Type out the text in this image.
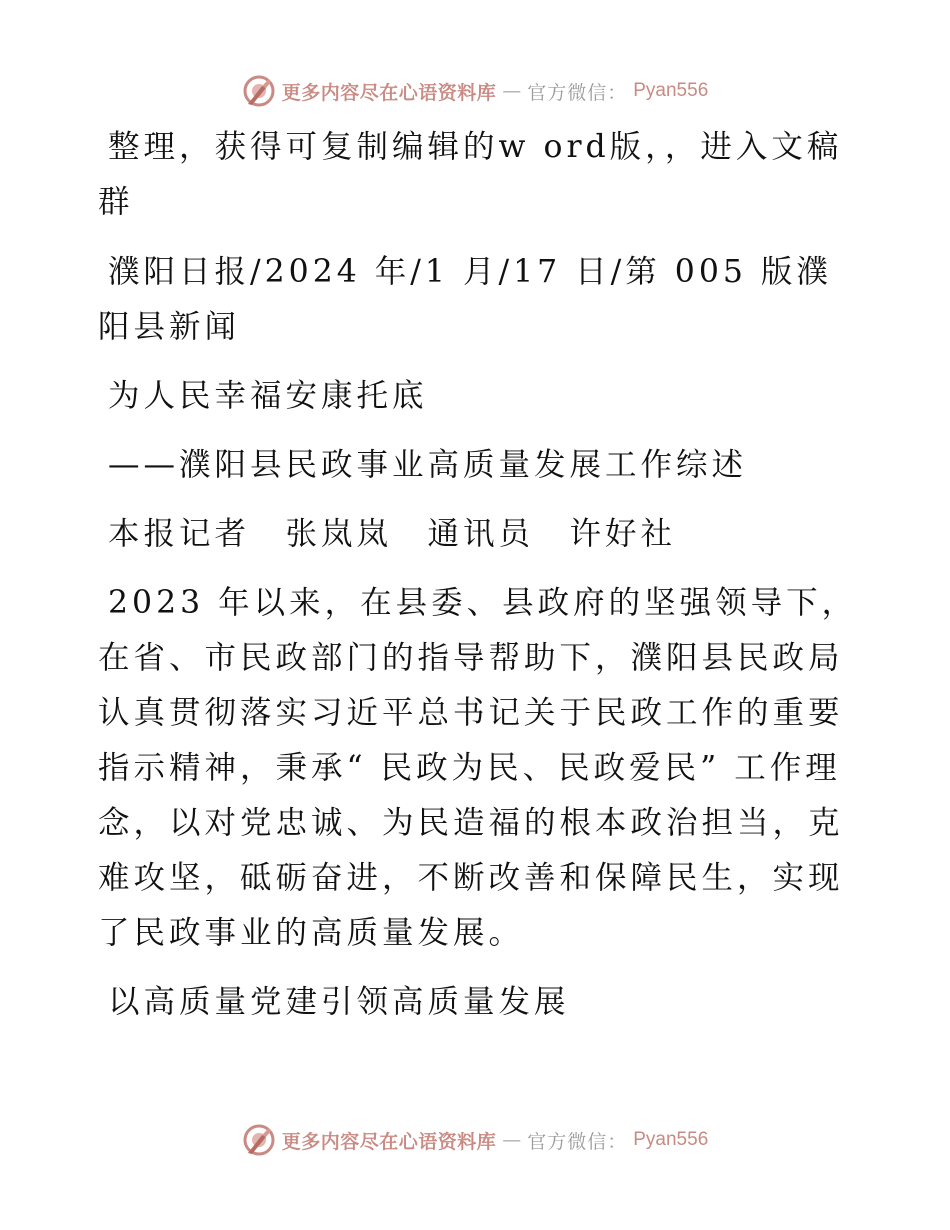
更多内容尽在心语资料库 — 官方微信： Pyan556

整理，获得可复制编辑的w ord版，，进入文稿群

濮阳日报/2024 年/1 月/17 日/第 005 版濮阳县新闻

为人民幸福安康托底

——濮阳县民政事业高质量发展工作综述

本报记者　张岚岚　通讯员　许好社

2023 年以来，在县委、县政府的坚强领导下，在省、市民政部门的指导帮助下，濮阳县民政局认真贯彻落实习近平总书记关于民政工作的重要指示精神，秉承“ 民政为民、民政爱民” 工作理念，以对党忠诚、为民造福的根本政治担当，克难攻坚，砥砺奋进，不断改善和保障民生，实现了民政事业的高质量发展。

以高质量党建引领高质量发展

更多内容尽在心语资料库 — 官方微信： Pyan556
